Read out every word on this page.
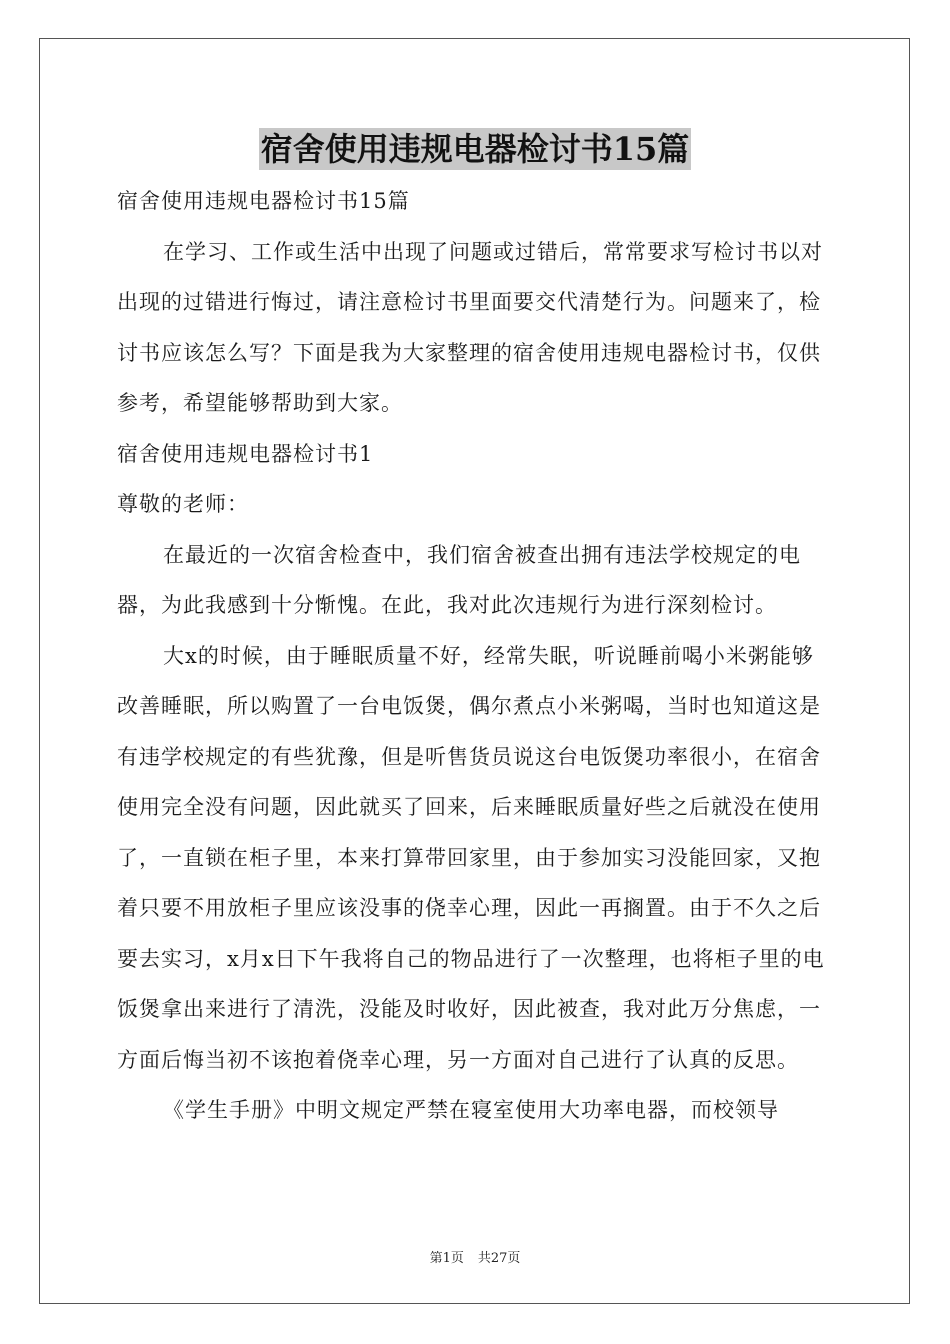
宿舍使用违规电器检讨书15篇

宿舍使用违规电器检讨书15篇

在学习、工作或生活中出现了问题或过错后，常常要求写检讨书以对出现的过错进行悔过，请注意检讨书里面要交代清楚行为。问题来了，检讨书应该怎么写？下面是我为大家整理的宿舍使用违规电器检讨书，仅供参考，希望能够帮助到大家。

宿舍使用违规电器检讨书1

尊敬的老师：

在最近的一次宿舍检查中，我们宿舍被查出拥有违法学校规定的电器，为此我感到十分惭愧。在此，我对此次违规行为进行深刻检讨。

大x的时候，由于睡眠质量不好，经常失眠，听说睡前喝小米粥能够改善睡眠，所以购置了一台电饭煲，偶尔煮点小米粥喝，当时也知道这是有违学校规定的有些犹豫，但是听售货员说这台电饭煲功率很小，在宿舍使用完全没有问题，因此就买了回来，后来睡眠质量好些之后就没在使用了，一直锁在柜子里，本来打算带回家里，由于参加实习没能回家，又抱着只要不用放柜子里应该没事的侥幸心理，因此一再搁置。由于不久之后要去实习，x月x日下午我将自己的物品进行了一次整理，也将柜子里的电饭煲拿出来进行了清洗，没能及时收好，因此被查，我对此万分焦虑，一方面后悔当初不该抱着侥幸心理，另一方面对自己进行了认真的反思。

《学生手册》中明文规定严禁在寝室使用大功率电器，而校领导

第1页 共27页
